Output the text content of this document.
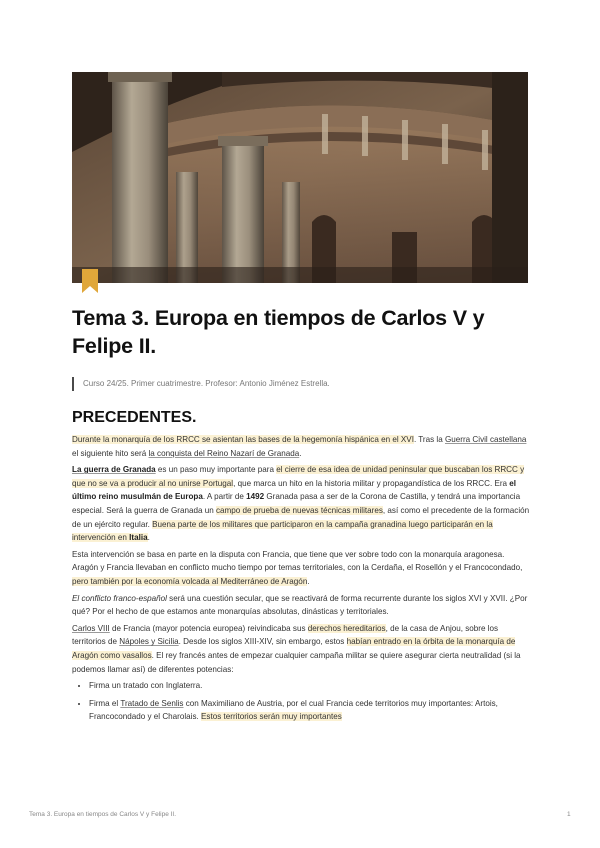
Tema 3. Europa en tiempos de Carlos V y Felipe II.
Curso 24/25. Primer cuatrimestre. Profesor: Antonio Jiménez Estrella.
PRECEDENTES.

Durante la monarquía de los RRCC se asientan las bases de la hegemonía hispánica en el XVI. Tras la Guerra Civil castellana el siguiente hito será la conquista del Reino Nazarí de Granada.

La guerra de Granada es un paso muy importante para el cierre de esa idea de unidad peninsular que buscaban los RRCC y que no se va a producir al no unirse Portugal, que marca un hito en la historia militar y propagandística de los RRCC. Era el último reino musulmán de Europa. A partir de 1492 Granada pasa a ser de la Corona de Castilla, y tendrá una importancia especial. Será la guerra de Granada un campo de prueba de nuevas técnicas militares, así como el precedente de la formación de un ejército regular. Buena parte de los militares que participaron en la campaña granadina luego participarán en la intervención en Italia.

Esta intervención se basa en parte en la disputa con Francia, que tiene que ver sobre todo con la monarquía aragonesa. Aragón y Francia llevaban en conflicto mucho tiempo por temas territoriales, con la Cerdaña, el Rosellón y el Francocondado, pero también por la economía volcada al Mediterráneo de Aragón.

El conflicto franco-español será una cuestión secular, que se reactivará de forma recurrente durante los siglos XVI y XVII. ¿Por qué? Por el hecho de que estamos ante monarquías absolutas, dinásticas y territoriales.

Carlos VIII de Francia (mayor potencia europea) reivindicaba sus derechos hereditarios, de la casa de Anjou, sobre los territorios de Nápoles y Sicilia. Desde los siglos XIII-XIV, sin embargo, estos habían entrado en la órbita de la monarquía de Aragón como vasallos. El rey francés antes de empezar cualquier campaña militar se quiere asegurar cierta neutralidad (si la podemos llamar así) de diferentes potencias:

• Firma un tratado con Inglaterra.
• Firma el Tratado de Senlis con Maximiliano de Austria, por el cual Francia cede territorios muy importantes: Artois, Francocondado y el Charolais. Estos territorios serán muy importantes
Tema 3. Europa en tiempos de Carlos V y Felipe II.	1
